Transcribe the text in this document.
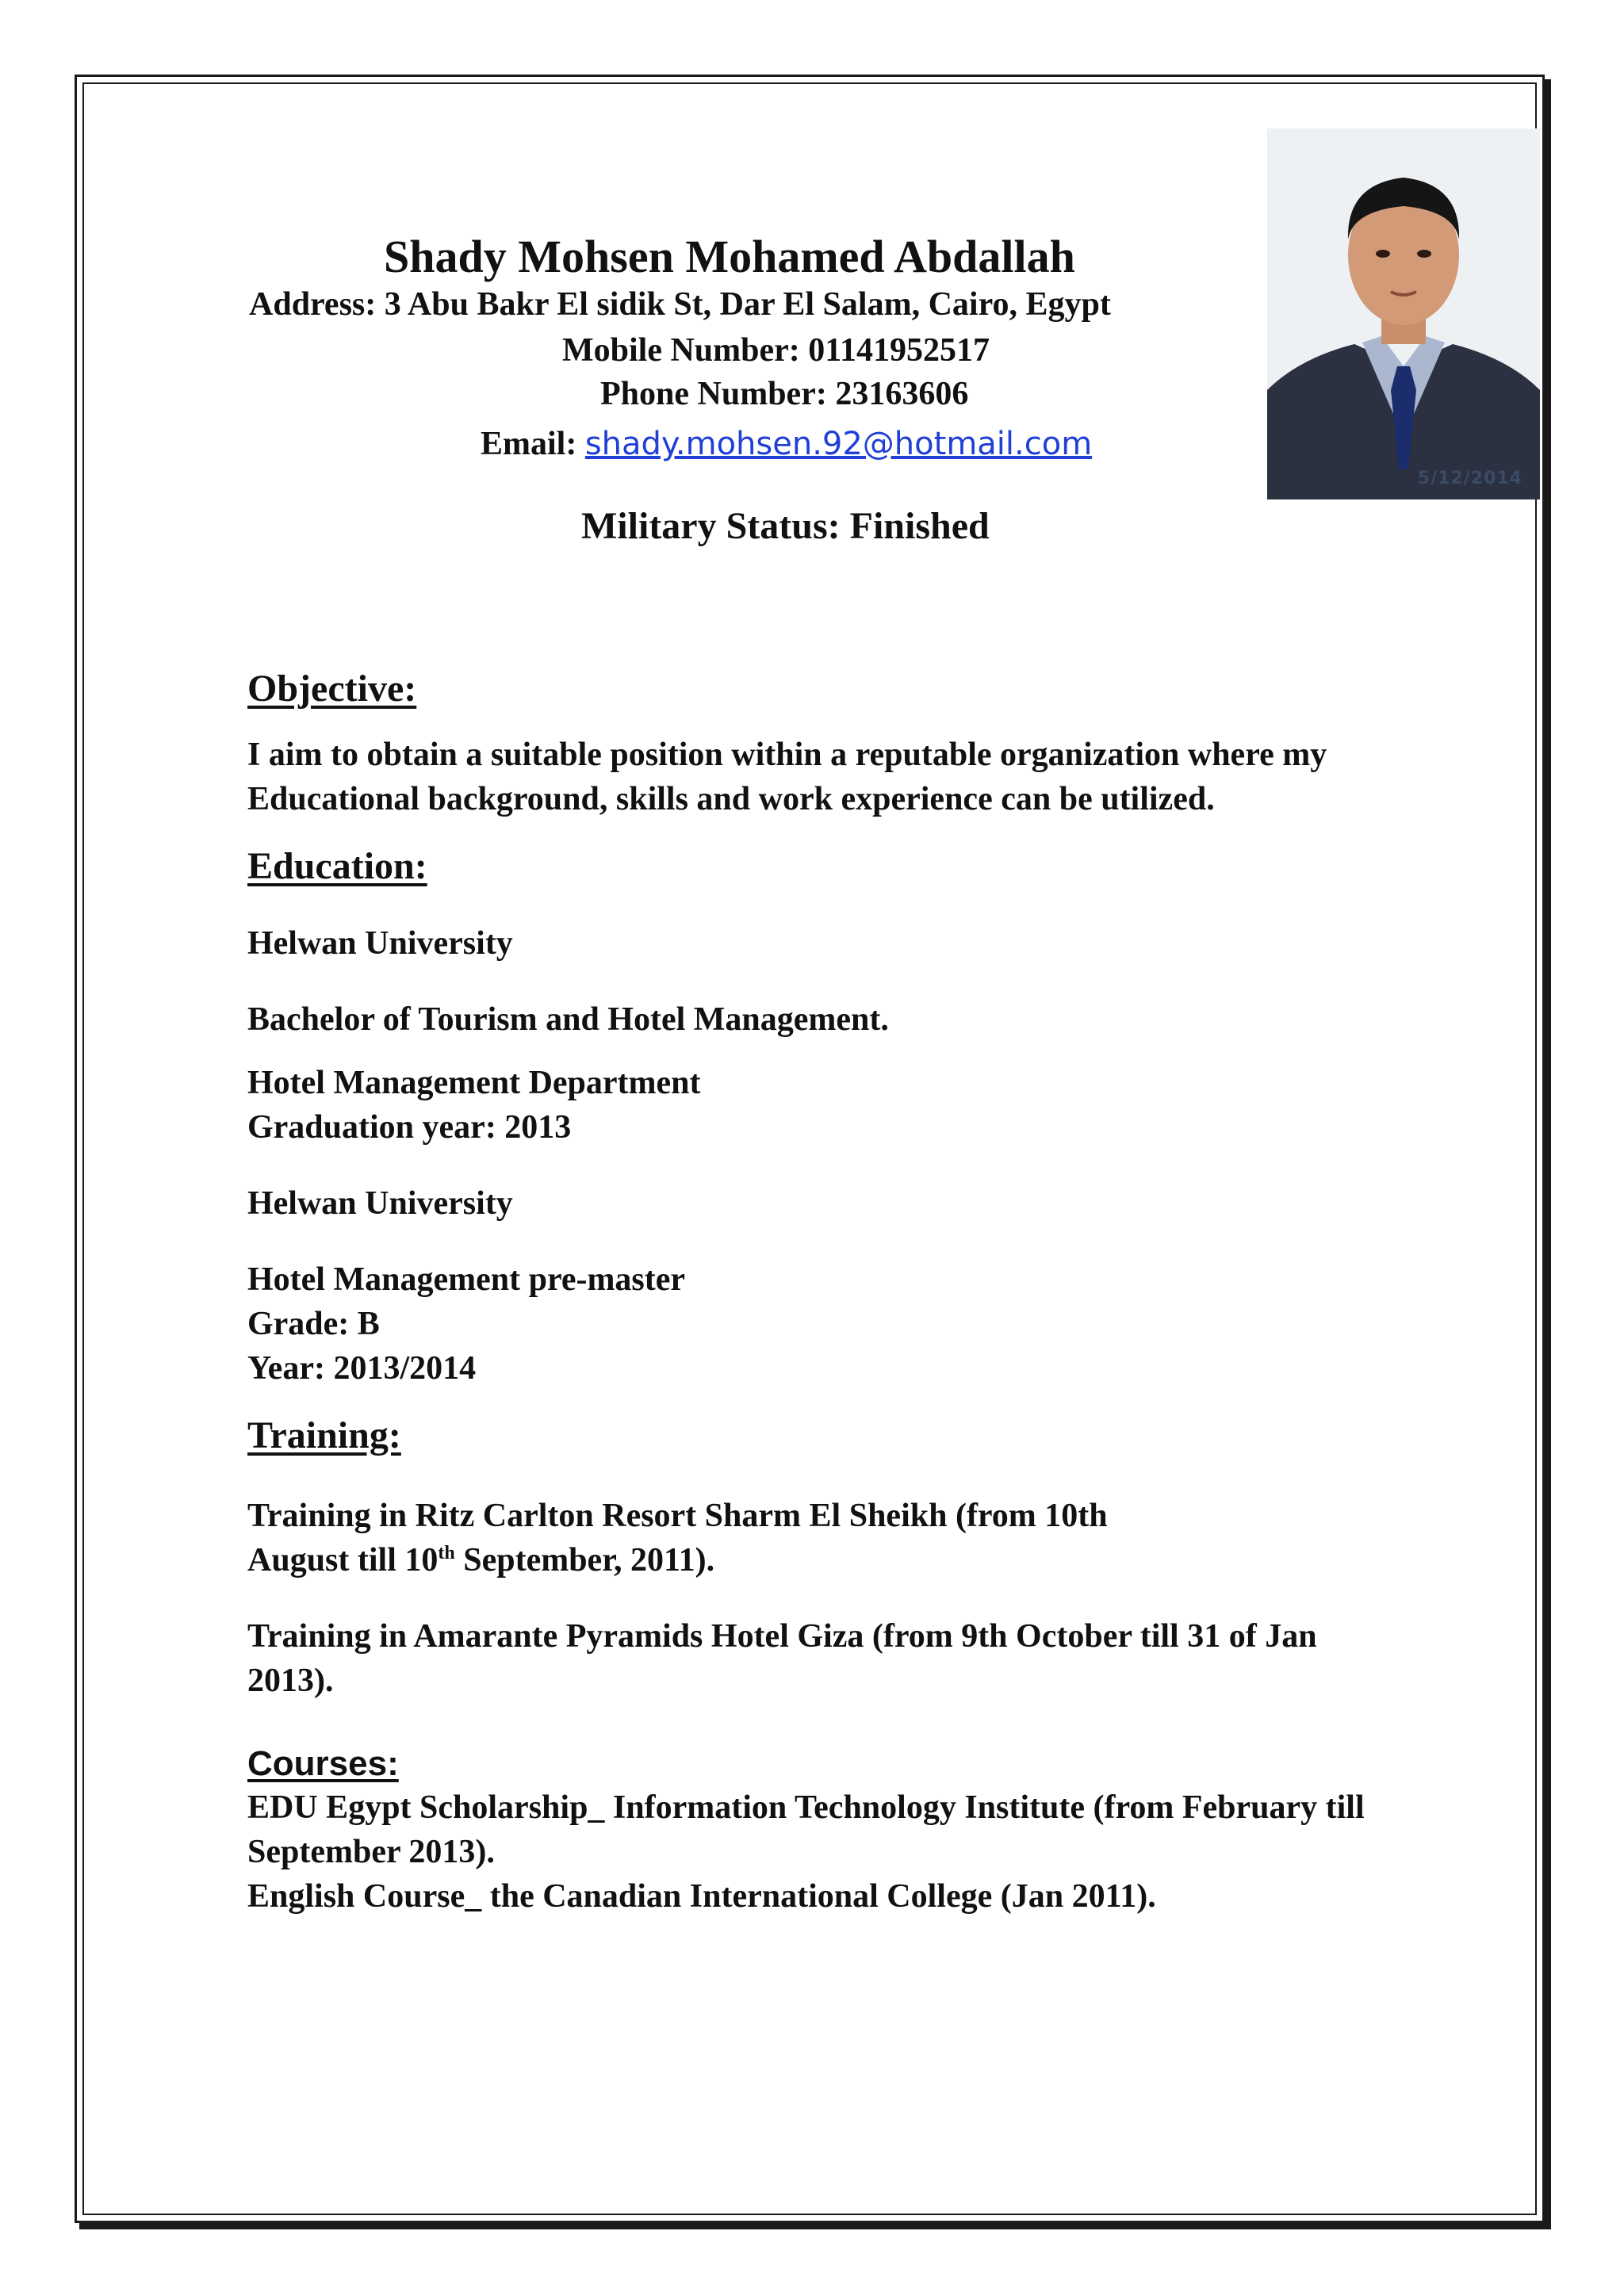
5/12/2014
Shady Mohsen Mohamed Abdallah
Address: 3 Abu Bakr El sidik St, Dar El Salam, Cairo, Egypt
Mobile Number: 01141952517
Phone Number: 23163606
Email: shady.mohsen.92@hotmail.com
Military Status: Finished
Objective:

I aim to obtain a suitable position within a reputable organization where my Educational background, skills and work experience can be utilized.

Education:

Helwan University

Bachelor of Tourism and Hotel Management.

Hotel Management Department

Graduation year: 2013

Helwan University

Hotel Management pre-master

Grade: B

Year: 2013/2014

Training:

Training in Ritz Carlton Resort Sharm El Sheikh (from 10th

August till 10th September, 2011).

Training in Amarante Pyramids Hotel Giza (from 9th October till 31 of Jan 2013).

Courses:

EDU Egypt Scholarship_ Information Technology Institute (from February till September 2013).

English Course_ the Canadian International College (Jan 2011).
